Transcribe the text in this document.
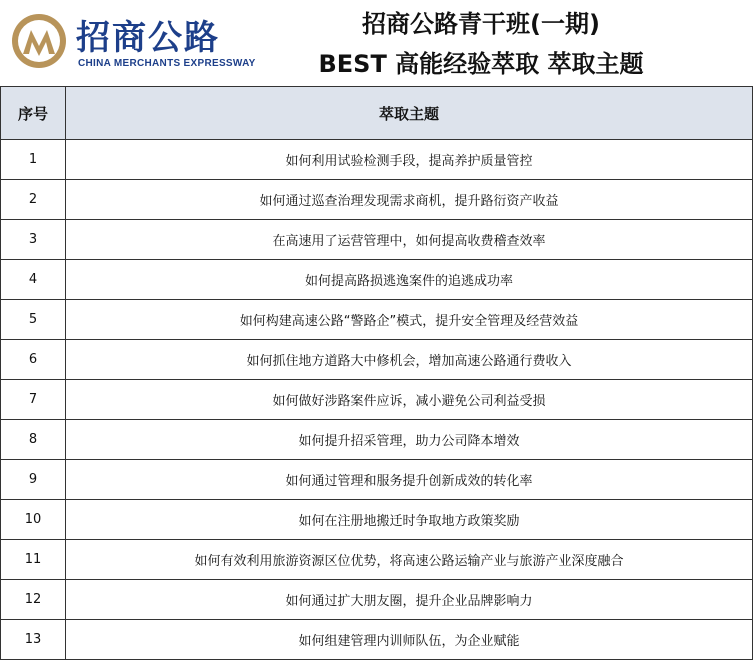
招商公路
CHINA MERCHANTS EXPRESSWAY
招商公路青干班(一期)
BEST 高能经验萃取 萃取主题
序号	萃取主题
1	如何利用试验检测手段，提高养护质量管控
2	如何通过巡查治理发现需求商机，提升路衍资产收益
3	在高速用了运营管理中，如何提高收费稽查效率
4	如何提高路损逃逸案件的追逃成功率
5	如何构建高速公路“警路企”模式，提升安全管理及经营效益
6	如何抓住地方道路大中修机会，增加高速公路通行费收入
7	如何做好涉路案件应诉，减小避免公司利益受损
8	如何提升招采管理，助力公司降本增效
9	如何通过管理和服务提升创新成效的转化率
10	如何在注册地搬迁时争取地方政策奖励
11	如何有效利用旅游资源区位优势，将高速公路运输产业与旅游产业深度融合
12	如何通过扩大朋友圈，提升企业品牌影响力
13	如何组建管理内训师队伍，为企业赋能
